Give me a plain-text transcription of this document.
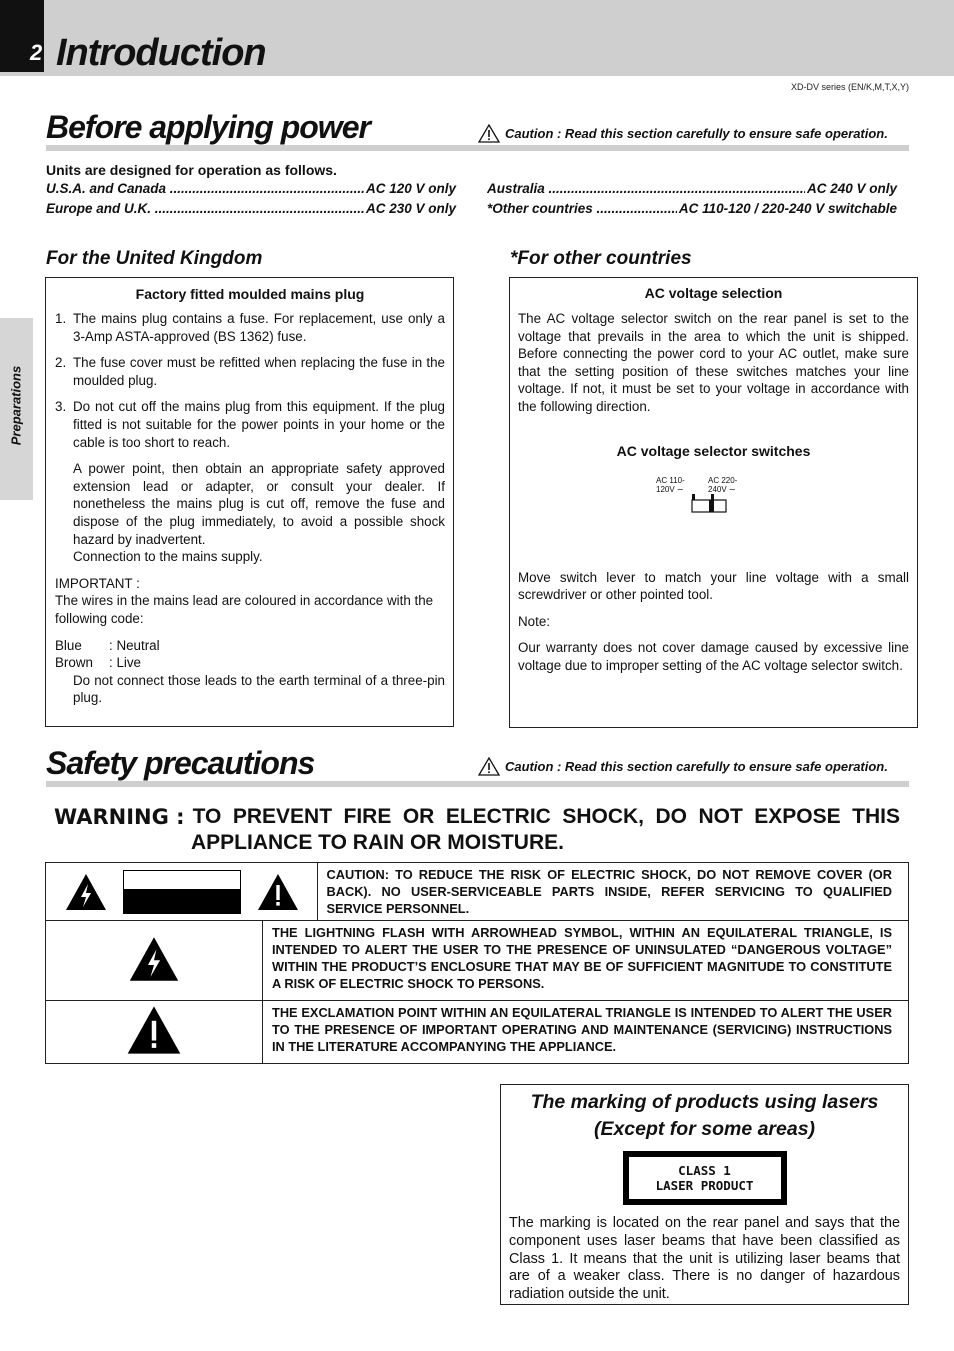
2 Introduction
XD-DV series (EN/K,M,T,X,Y)
Preparations
Before applying power	Caution : Read this section carefully to ensure safe operation.
Units are designed for operation as follows.
U.S.A. and Canada .....	AC 120 V only
Europe and U.K. .....	AC 230 V only
Australia .....	AC 240 V only
*Other countries .....	AC 110-120 / 220-240 V switchable
For the United Kingdom
Factory fitted moulded mains plug
1. The mains plug contains a fuse. For replacement, use only a 3-Amp ASTA-approved (BS 1362) fuse.
2. The fuse cover must be refitted when replacing the fuse in the moulded plug.
3. Do not cut off the mains plug from this equipment. If the plug fitted is not suitable for the power points in your home or the cable is too short to reach.
A power point, then obtain an appropriate safety approved extension lead or adapter, or consult your dealer. If nonetheless the mains plug is cut off, remove the fuse and dispose of the plug immediately, to avoid a possible shock hazard by inadvertent.
Connection to the mains supply.
IMPORTANT :
The wires in the mains lead are coloured in accordance with the following code:
Blue : Neutral
Brown : Live
Do not connect those leads to the earth terminal of a three-pin plug.
*For other countries
AC voltage selection
The AC voltage selector switch on the rear panel is set to the voltage that prevails in the area to which the unit is shipped. Before connecting the power cord to your AC outlet, make sure that the setting position of these switches matches your line voltage. If not, it must be set to your voltage in accordance with the following direction.
AC voltage selector switches
AC 110-
120V ∼
AC 220-
240V ∼
Move switch lever to match your line voltage with a small screwdriver or other pointed tool.
Note:
Our warranty does not cover damage caused by excessive line voltage due to improper setting of the AC voltage selector switch.
Safety precautions	Caution : Read this section carefully to ensure safe operation.
WARNING : TO PREVENT FIRE OR ELECTRIC SHOCK, DO NOT EXPOSE THIS
APPLIANCE TO RAIN OR MOISTURE.
	CAUTION: TO REDUCE THE RISK OF ELECTRIC SHOCK, DO NOT REMOVE COVER (OR BACK). NO USER-SERVICEABLE PARTS INSIDE, REFER SERVICING TO QUALIFIED SERVICE PERSONNEL.
	THE LIGHTNING FLASH WITH ARROWHEAD SYMBOL, WITHIN AN EQUILATERAL TRIANGLE, IS INTENDED TO ALERT THE USER TO THE PRESENCE OF UNINSULATED “DANGEROUS VOLTAGE” WITHIN THE PRODUCT’S ENCLOSURE THAT MAY BE OF SUFFICIENT MAGNITUDE TO CONSTITUTE A RISK OF ELECTRIC SHOCK TO PERSONS.	
	THE EXCLAMATION POINT WITHIN AN EQUILATERAL TRIANGLE IS INTENDED TO ALERT THE USER TO THE PRESENCE OF IMPORTANT OPERATING AND MAINTENANCE (SERVICING) INSTRUCTIONS IN THE LITERATURE ACCOMPANYING THE APPLIANCE.	
The marking of products using lasers
(Except for some areas)
CLASS 1
LASER PRODUCT
The marking is located on the rear panel and says that the component uses laser beams that have been classified as Class 1. It means that the unit is utilizing laser beams that are of a weaker class. There is no danger of hazardous radiation outside the unit.
